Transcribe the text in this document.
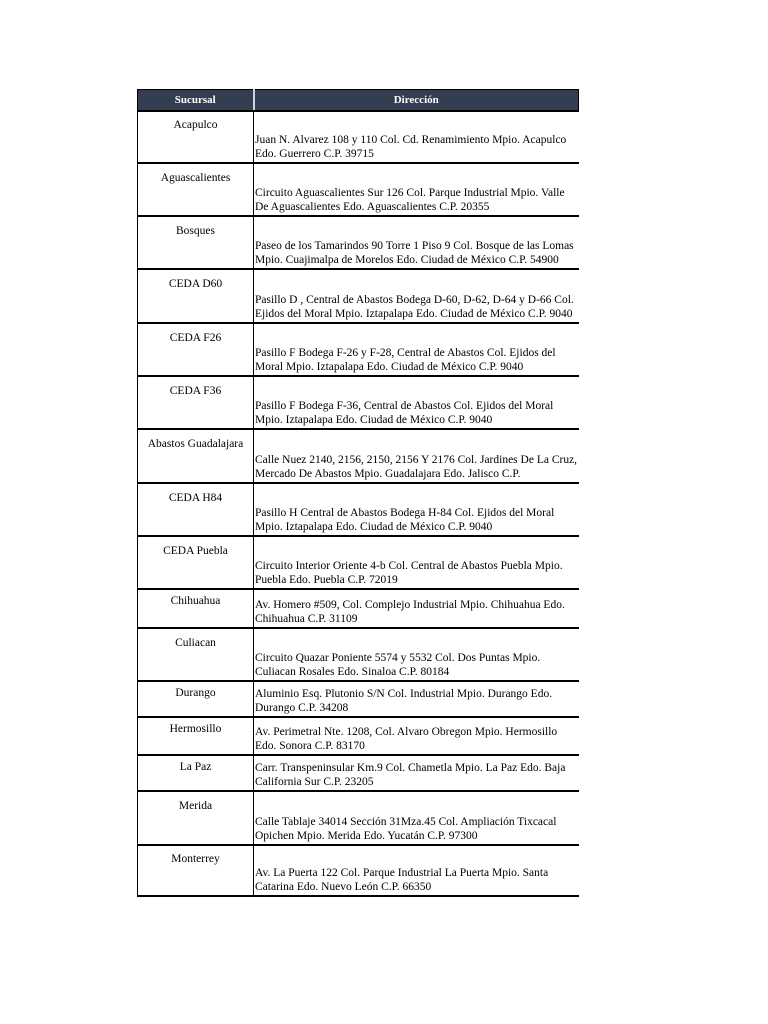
Sucursal	Dirección
Acapulco	Juan N. Alvarez 108 y 110 Col. Cd. Renamimiento Mpio. Acapulco Edo. Guerrero C.P. 39715
Aguascalientes	Circuito Aguascalientes Sur 126 Col. Parque Industrial Mpio. Valle De Aguascalientes Edo. Aguascalientes C.P. 20355
Bosques	Paseo de los Tamarindos 90 Torre 1 Piso 9 Col. Bosque de las Lomas Mpio. Cuajimalpa de Morelos Edo. Ciudad de México C.P. 54900
CEDA D60	Pasillo D , Central de Abastos Bodega D-60, D-62, D-64 y D-66 Col. Ejidos del Moral Mpio. Iztapalapa Edo. Ciudad de México C.P. 9040
CEDA F26	Pasillo F Bodega F-26 y F-28, Central de Abastos Col. Ejidos del Moral Mpio. Iztapalapa Edo. Ciudad de México C.P. 9040
CEDA F36	Pasillo F Bodega F-36, Central de Abastos Col. Ejidos del Moral Mpio. Iztapalapa Edo. Ciudad de México C.P. 9040
Abastos Guadalajara	Calle Nuez 2140, 2156, 2150, 2156 Y 2176 Col. Jardines De La Cruz, Mercado De Abastos Mpio. Guadalajara Edo. Jalisco C.P.
CEDA H84	Pasillo H Central de Abastos Bodega H-84 Col. Ejidos del Moral Mpio. Iztapalapa Edo. Ciudad de México C.P. 9040
CEDA Puebla	Circuito Interior Oriente 4-b Col. Central de Abastos Puebla Mpio. Puebla Edo. Puebla C.P. 72019
Chihuahua	Av. Homero #509, Col. Complejo Industrial Mpio. Chihuahua Edo. Chihuahua C.P. 31109
Culiacan	Circuito Quazar Poniente 5574 y 5532 Col. Dos Puntas Mpio. Culiacan Rosales Edo. Sinaloa C.P. 80184
Durango	Aluminio Esq. Plutonio S/N Col. Industrial Mpio. Durango Edo. Durango C.P. 34208
Hermosillo	Av. Perimetral Nte. 1208, Col. Alvaro Obregon Mpio. Hermosillo Edo. Sonora C.P. 83170
La Paz	Carr. Transpeninsular Km.9 Col. Chametla Mpio. La Paz Edo. Baja California Sur C.P. 23205
Merida	Calle Tablaje 34014 Sección 31Mza.45 Col. Ampliación Tixcacal Opichen Mpio. Merida Edo. Yucatán C.P. 97300
Monterrey	Av. La Puerta 122 Col. Parque Industrial La Puerta Mpio. Santa Catarina Edo. Nuevo León C.P. 66350
